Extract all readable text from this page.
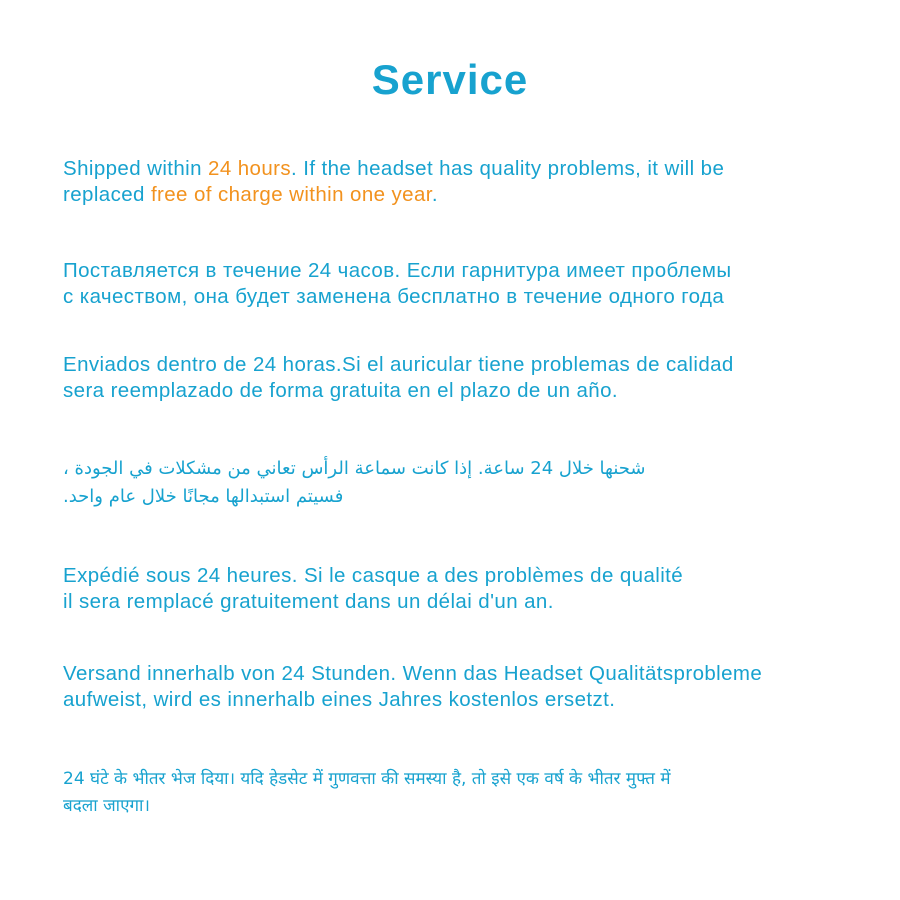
Service
Shipped within 24 hours. If the headset has quality problems, it will be
replaced free of charge within one year.
Поставляется в течение 24 часов. Если гарнитура имеет проблемы
с качеством, она будет заменена бесплатно в течение одного года
Enviados dentro de 24 horas.Si el auricular tiene problemas de calidad
sera reemplazado de forma gratuita en el plazo de un año.
شحنها خلال 24 ساعة. إذا كانت سماعة الرأس تعاني من مشكلات في الجودة ،
فسيتم استبدالها مجانًا خلال عام واحد.
Expédié sous 24 heures. Si le casque a des problèmes de qualité
il sera remplacé gratuitement dans un délai d'un an.
Versand innerhalb von 24 Stunden. Wenn das Headset Qualitätsprobleme
aufweist, wird es innerhalb eines Jahres kostenlos ersetzt.
24 घंटे के भीतर भेज दिया। यदि हेडसेट में गुणवत्ता की समस्या है, तो इसे एक वर्ष के भीतर मुफ्त में
बदला जाएगा।
